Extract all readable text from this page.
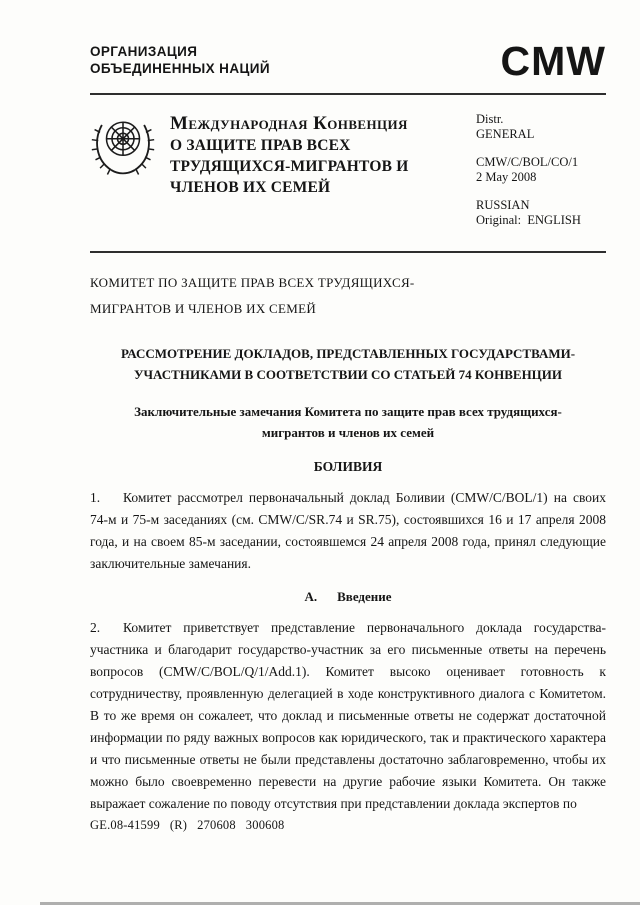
ОРГАНИЗАЦИЯ
ОБЪЕДИНЕННЫХ НАЦИЙ	CMW
Международная Конвенция
О ЗАЩИТЕ ПРАВ ВСЕХ
ТРУДЯЩИХСЯ-МИГРАНТОВ И
ЧЛЕНОВ ИХ СЕМЕЙ
Distr.
GENERAL
CMW/C/BOL/CO/1
2 May 2008
RUSSIAN
Original:  ENGLISH
КОМИТЕТ ПО ЗАЩИТЕ ПРАВ ВСЕХ ТРУДЯЩИХСЯ-
МИГРАНТОВ И ЧЛЕНОВ ИХ СЕМЕЙ
РАССМОТРЕНИЕ ДОКЛАДОВ, ПРЕДСТАВЛЕННЫХ ГОСУДАРСТВАМИ-УЧАСТНИКАМИ В СООТВЕТСТВИИ СО СТАТЬЕЙ 74 КОНВЕНЦИИ
Заключительные замечания Комитета по защите прав всех трудящихся-мигрантов и членов их семей
БОЛИВИЯ

1. Комитет рассмотрел первоначальный доклад Боливии (CMW/C/BOL/1) на своих 74-м и 75-м заседаниях (см. CMW/C/SR.74 и SR.75), состоявшихся 16 и 17 апреля 2008 года, и на своем 85-м заседании, состоявшемся 24 апреля 2008 года, принял следующие заключительные замечания.

A. Введение

2. Комитет приветствует представление первоначального доклада государства-участника и благодарит государство-участник за его письменные ответы на перечень вопросов (CMW/C/BOL/Q/1/Add.1). Комитет высоко оценивает готовность к сотрудничеству, проявленную делегацией в ходе конструктивного диалога с Комитетом. В то же время он сожалеет, что доклад и письменные ответы не содержат достаточной информации по ряду важных вопросов как юридического, так и практического характера и что письменные ответы не были представлены достаточно заблаговременно, чтобы их можно было своевременно перевести на другие рабочие языки Комитета. Он также выражает сожаление по поводу отсутствия при представлении доклада экспертов по

GE.08-41599   (R)   270608   300608
